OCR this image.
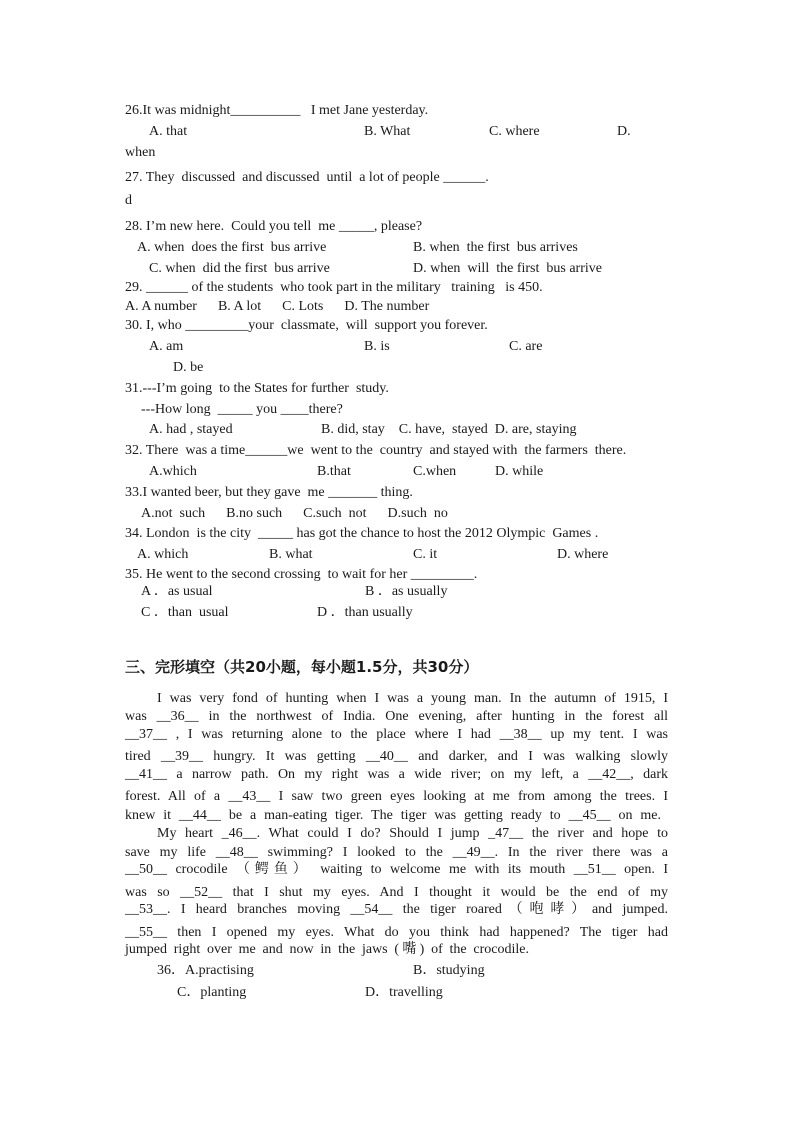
26.It was midnight__________   I met Jane yesterday.
A. that	B. What	C. where	D.
when
27. They  discussed  and discussed  until  a lot of people ______.
d
28. I’m new here.  Could you tell  me _____, please?
A. when  does the first  bus arrive	B. when  the first  bus arrives
C. when  did the first  bus arrive	D. when  will  the first  bus arrive
29. ______ of the students  who took part in the military   training   is 450.
A. A number      B. A lot      C. Lots      D. The number
30. I, who _________your  classmate,  will  support you forever.
A. am	B. is	C. are
D. be
31.---I’m going  to the States for further  study.
---How long  _____ you ____there?
A. had , stayed	B. did, stay    C. have,  stayed  D. are, staying
32. There  was a time______we  went to the  country  and stayed with  the farmers  there.
A.which	B.that	C.when	D. while
33.I wanted beer, but they gave  me _______ thing.
A.not  such      B.no such      C.such  not      D.such  no
34. London  is the city  _____ has got the chance to host the 2012 Olympic  Games .
A. which	B. what	C. it	D. where
35. He went to the second crossing  to wait for her _________.
A ．as usual	B ．as usually
C ．than  usual	D ．than usually
三、完形填空（共20小题，每小题1.5分，共30分）
I was very fond of hunting when I was a young man. In the autumn of 1915, I
was __36__ in the northwest of India. One evening, after hunting in the forest all
__37__ , I was returning alone to the place where I had __38__ up my tent. I was
tired __39__ hungry. It was getting __40__ and darker, and I was walking slowly
__41__ a narrow path. On my right was a wide river; on my left, a __42__, dark
forest. All of a __43__ I saw two green eyes looking at me from among the trees. I
knew it __44__ be a man-eating tiger. The tiger was getting ready to __45__ on me.
My heart _46__. What could I do? Should I jump _47__ the river and hope to
save my life __48__ swimming? I looked to the __49__. In the river there was a
__50__ crocodile （鳄鱼） waiting to welcome me with its mouth __51__ open. I
was so __52__ that I shut my eyes. And I thought it would be the end of my
__53__. I heard branches moving __54__ the tiger roared（咆哮）and jumped.
__55__ then I opened my eyes. What do you think had happened? The tiger had
jumped right over me and now in the jaws (嘴) of the crocodile.
36．A.practising	B．studying
C．planting	D．travelling
